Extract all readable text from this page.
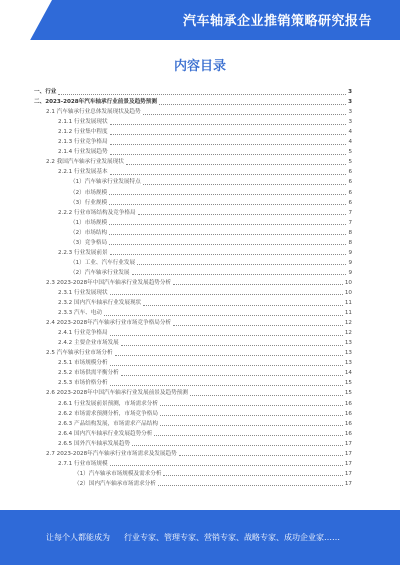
汽车轴承企业推销策略研究报告
内容目录
一、行业	3
二、2023-2028年汽车轴承行业前景及趋势预测	3
2.1 汽车轴承行业总体发展现状及趋势	3
2.1.1 行业发展现状	3
2.1.2 行业集中程度	4
2.1.3 行业竞争格局	4
2.1.4 行业发展趋势	5
2.2 我国汽车轴承行业发展现状	5
2.2.1 行业发展基本	6
（1）汽车轴承行业发展特点	6
（2）市场规模	6
（3）行业规模	6
2.2.2 行业市场结构及竞争格局	7
（1）市场规模	7
（2）市场结构	8
（3）竞争格局	8
2.2.3 行业发展前景	9
（1）工业、汽车行业发展	9
（2）汽车轴承行业发展	9
2.3 2023-2028年中国汽车轴承行业发展趋势分析	10
2.3.1 行业发展现状	10
2.3.2 国内汽车轴承行业发展现状	11
2.3.3 汽车、电动	11
2.4 2023-2028年汽车轴承行业市场竞争格局分析	12
2.4.1 行业竞争格局	12
2.4.2 主要企业市场发展	13
2.5 汽车轴承行业市场分析	13
2.5.1 市场规模分析	13
2.5.2 市场供需平衡分析	14
2.5.3 市场价格分析	15
2.6 2023-2028年中国汽车轴承行业发展前景及趋势预测	15
2.6.1 行业发展前景预测，市场需求分析	16
2.6.2 市场需求预测分析，市场竞争格局	16
2.6.3 产品结构发展，市场需求产品结构	16
2.6.4 国内汽车轴承行业发展趋势分析	16
2.6.5 国外汽车轴承发展趋势	17
2.7 2023-2028年汽车轴承行业市场需求及发展趋势	17
2.7.1 行业市场规模	17
（1）汽车轴承市场规模及需求分析	17
（2）国内汽车轴承市场需求分析	17
让每个人都能成为 行业专家、管理专家、营销专家、战略专家、成功企业家……
